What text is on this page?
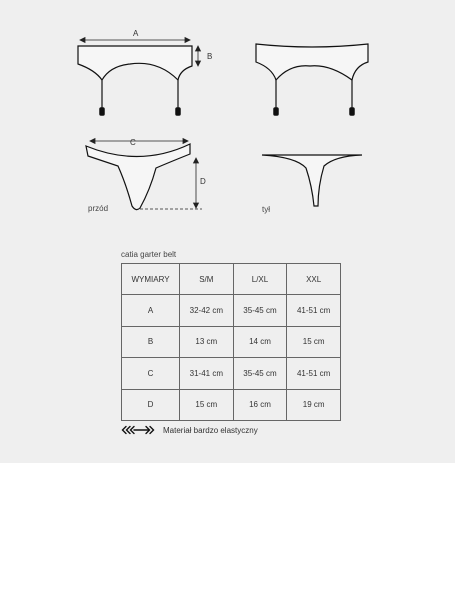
A
B
C
D
przód	tył
catia garter belt
WYMIARY	S/M	L/XL	XXL
A	32-42 cm	35-45 cm	41-51 cm
B	13 cm	14 cm	15 cm
C	31-41 cm	35-45 cm	41-51 cm
D	15 cm	16 cm	19 cm
Materiał bardzo elastyczny
